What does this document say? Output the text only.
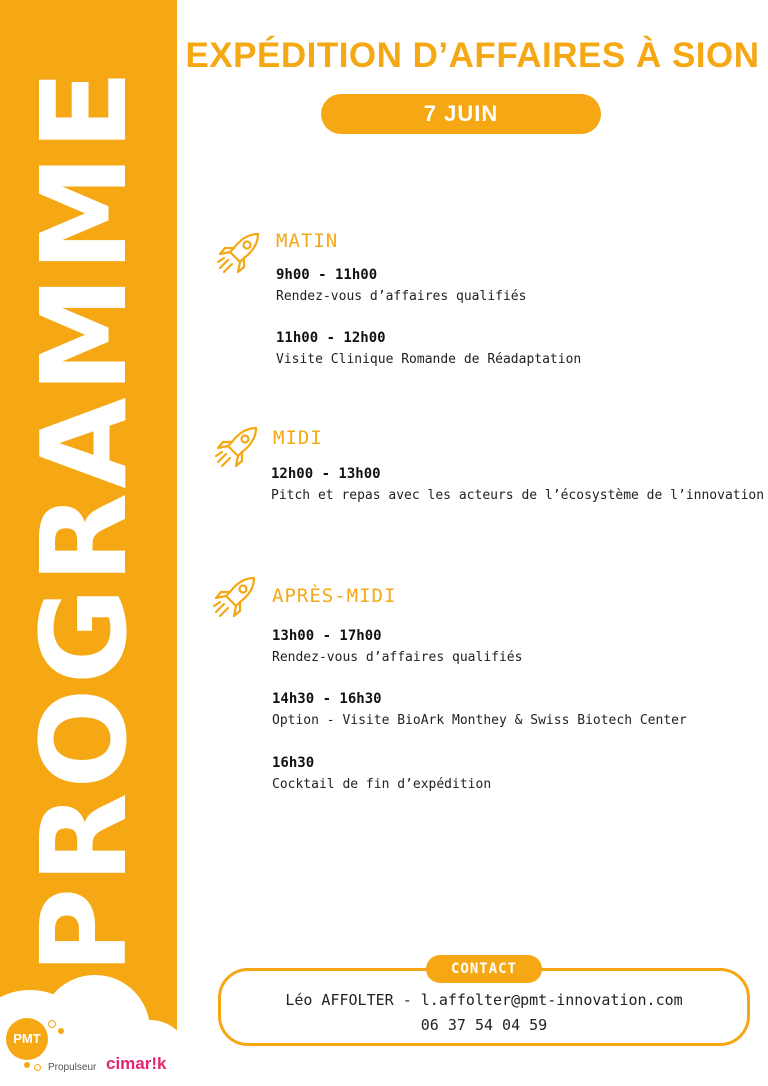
PROGRAMME
EXPÉDITION D’AFFAIRES À SION
7 JUIN
MATIN
9h00 - 11h00
Rendez-vous d’affaires qualifiés
11h00 - 12h00
Visite Clinique Romande de Réadaptation
MIDI
12h00 - 13h00
Pitch et repas avec les acteurs de l’écosystème de l’innovation
APRÈS-MIDI
13h00 - 17h00
Rendez-vous d’affaires qualifiés
14h30 - 16h30
Option - Visite BioArk Monthey & Swiss Biotech Center
16h30
Cocktail de fin d’expédition
CONTACT
Léo AFFOLTER - l.affolter@pmt-innovation.com
06 37 54 04 59
PMT
Propulseur cimar!k
